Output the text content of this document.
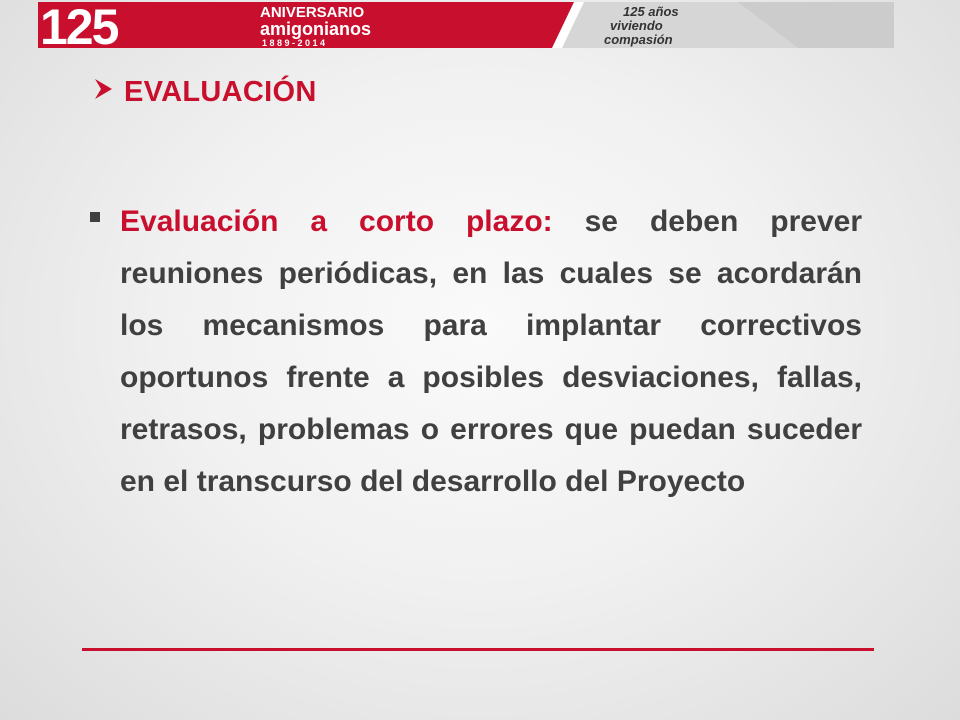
125	ANIVERSARIO
amigonianos
1 8 8 9 - 2 0 1 4
125 años
viviendo
compasión
EVALUACIÓN

Evaluación a corto plazo: se deben prever reuniones periódicas, en las cuales se acordarán los mecanismos para implantar correctivos oportunos frente a posibles desviaciones, fallas, retrasos, problemas o errores que puedan suceder en el transcurso del desarrollo del Proyecto
